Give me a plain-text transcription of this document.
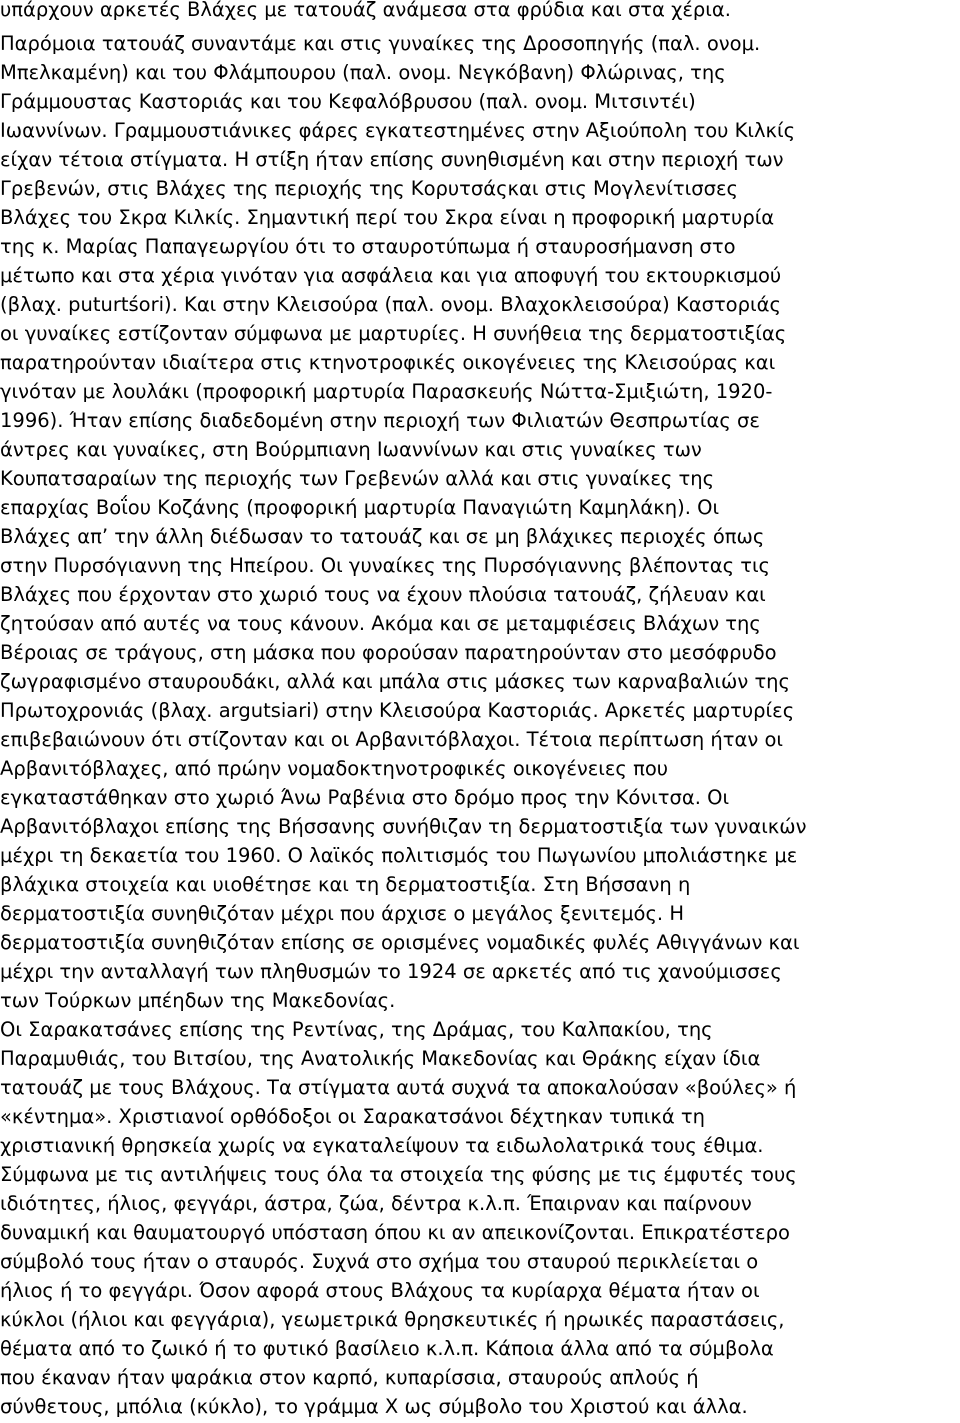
υπάρχουν αρκετές Βλάχες με τατουάζ ανάμεσα στα φρύδια και στα χέρια.
Παρόμοια τατουάζ συναντάμε και στις γυναίκες της Δροσοπηγής (παλ. ονομ.
Μπελκαμένη) και του Φλάμπουρου (παλ. ονομ. Νεγκόβανη) Φλώρινας, της
Γράμμουστας Καστοριάς και του Κεφαλόβρυσου (παλ. ονομ. Μιτσιντέι)
Ιωαννίνων. Γραμμουστιάνικες φάρες εγκατεστημένες στην Αξιούπολη του Κιλκίς
είχαν τέτοια στίγματα. Η στίξη ήταν επίσης συνηθισμένη και στην περιοχή των
Γρεβενών, στις Βλάχες της περιοχής της Κορυτσάςκαι στις Μογλενίτισσες
Βλάχες του Σκρα Κιλκίς. Σημαντική περί του Σκρα είναι η προφορική μαρτυρία
της κ. Μαρίας Παπαγεωργίου ότι το σταυροτύπωμα ή σταυροσήμανση στο
μέτωπο και στα χέρια γινόταν για ασφάλεια και για αποφυγή του εκτουρκισμού
(βλαχ. puturtśori). Και στην Κλεισούρα (παλ. ονομ. Βλαχοκλεισούρα) Καστοριάς
οι γυναίκες εστίζονταν σύμφωνα με μαρτυρίες. Η συνήθεια της δερματοστιξίας
παρατηρούνταν ιδιαίτερα στις κτηνοτροφικές οικογένειες της Κλεισούρας και
γινόταν με λουλάκι (προφορική μαρτυρία Παρασκευής Νώττα-Σμιξιώτη, 1920-
1996). Ήταν επίσης διαδεδομένη στην περιοχή των Φιλιατών Θεσπρωτίας σε
άντρες και γυναίκες, στη Βούρμπιανη Ιωαννίνων και στις γυναίκες των
Κουπατσαραίων της περιοχής των Γρεβενών αλλά και στις γυναίκες της
επαρχίας Βοΐου Κοζάνης (προφορική μαρτυρία Παναγιώτη Καμηλάκη). Οι
Βλάχες απ’ την άλλη διέδωσαν το τατουάζ και σε μη βλάχικες περιοχές όπως
στην Πυρσόγιαννη της Ηπείρου. Οι γυναίκες της Πυρσόγιαννης βλέπoντας τις
Βλάχες που έρχονταν στο χωριό τους να έχουν πλούσια τατουάζ, ζήλευαν και
ζητούσαν από αυτές να τους κάνουν. Ακόμα και σε μεταμφιέσεις Βλάχων της
Βέροιας σε τράγους, στη μάσκα που φορούσαν παρατηρούνταν στο μεσόφρυδο
ζωγραφισμένο σταυρουδάκι, αλλά και μπάλα στις μάσκες των καρναβαλιών της
Πρωτοχρονιάς (βλαχ. argutsiari) στην Κλεισούρα Καστοριάς. Αρκετές μαρτυρίες
επιβεβαιώνουν ότι στίζονταν και οι Αρβανιτόβλαχοι. Τέτοια περίπτωση ήταν οι
Αρβανιτόβλαχες, από πρώην νομαδοκτηνοτροφικές οικογένειες που
εγκαταστάθηκαν στο χωριό Άνω Ραβένια στο δρόμο προς την Κόνιτσα. Οι
Αρβανιτόβλαχοι επίσης της Βήσσανης συνήθιζαν τη δερματοστιξία των γυναικών
μέχρι τη δεκαετία του 1960. Ο λαϊκός πολιτισμός του Πωγωνίου μπολιάστηκε με
βλάχικα στοιχεία και υιοθέτησε και τη δερματοστιξία. Στη Βήσσανη η
δερματοστιξία συνηθιζόταν μέχρι που άρχισε ο μεγάλος ξενιτεμός. Η
δερματοστιξία συνηθιζόταν επίσης σε ορισμένες νομαδικές φυλές Αθιγγάνων και
μέχρι την ανταλλαγή των πληθυσμών το 1924 σε αρκετές από τις χανούμισσες
των Τούρκων μπέηδων της Μακεδονίας.
Οι Σαρακατσάνες επίσης της Ρεντίνας, της Δράμας, του Καλπακίου, της
Παραμυθιάς, του Βιτσίου, της Ανατολικής Μακεδονίας και Θράκης είχαν ίδια
τατουάζ με τους Βλάχους. Τα στίγματα αυτά συχνά τα αποκαλούσαν «βούλες» ή
«κέντημα». Χριστιανοί ορθόδοξοι οι Σαρακατσάνοι δέχτηκαν τυπικά τη
χριστιανική θρησκεία χωρίς να εγκαταλείψουν τα ειδωλολατρικά τους έθιμα.
Σύμφωνα με τις αντιλήψεις τους όλα τα στοιχεία της φύσης με τις έμφυτές τους
ιδιότητες, ήλιος, φεγγάρι, άστρα, ζώα, δέντρα κ.λ.π. Έπαιρναν και παίρνουν
δυναμική και θαυματουργό υπόσταση όπου κι αν απεικονίζονται. Επικρατέστερο
σύμβολό τους ήταν ο σταυρός. Συχνά στο σχήμα του σταυρού περικλείεται ο
ήλιος ή το φεγγάρι. Όσον αφορά στους Βλάχους τα κυρίαρχα θέματα ήταν οι
κύκλοι (ήλιοι και φεγγάρια), γεωμετρικά θρησκευτικές ή ηρωικές παραστάσεις,
θέματα από το ζωικό ή το φυτικό βασίλειο κ.λ.π. Κάποια άλλα από τα σύμβολα
που έκαναν ήταν ψαράκια στον καρπό, κυπαρίσσια, σταυρούς απλούς ή
σύνθετους, μπόλια (κύκλο), το γράμμα Χ ως σύμβολο του Χριστού και άλλα.
